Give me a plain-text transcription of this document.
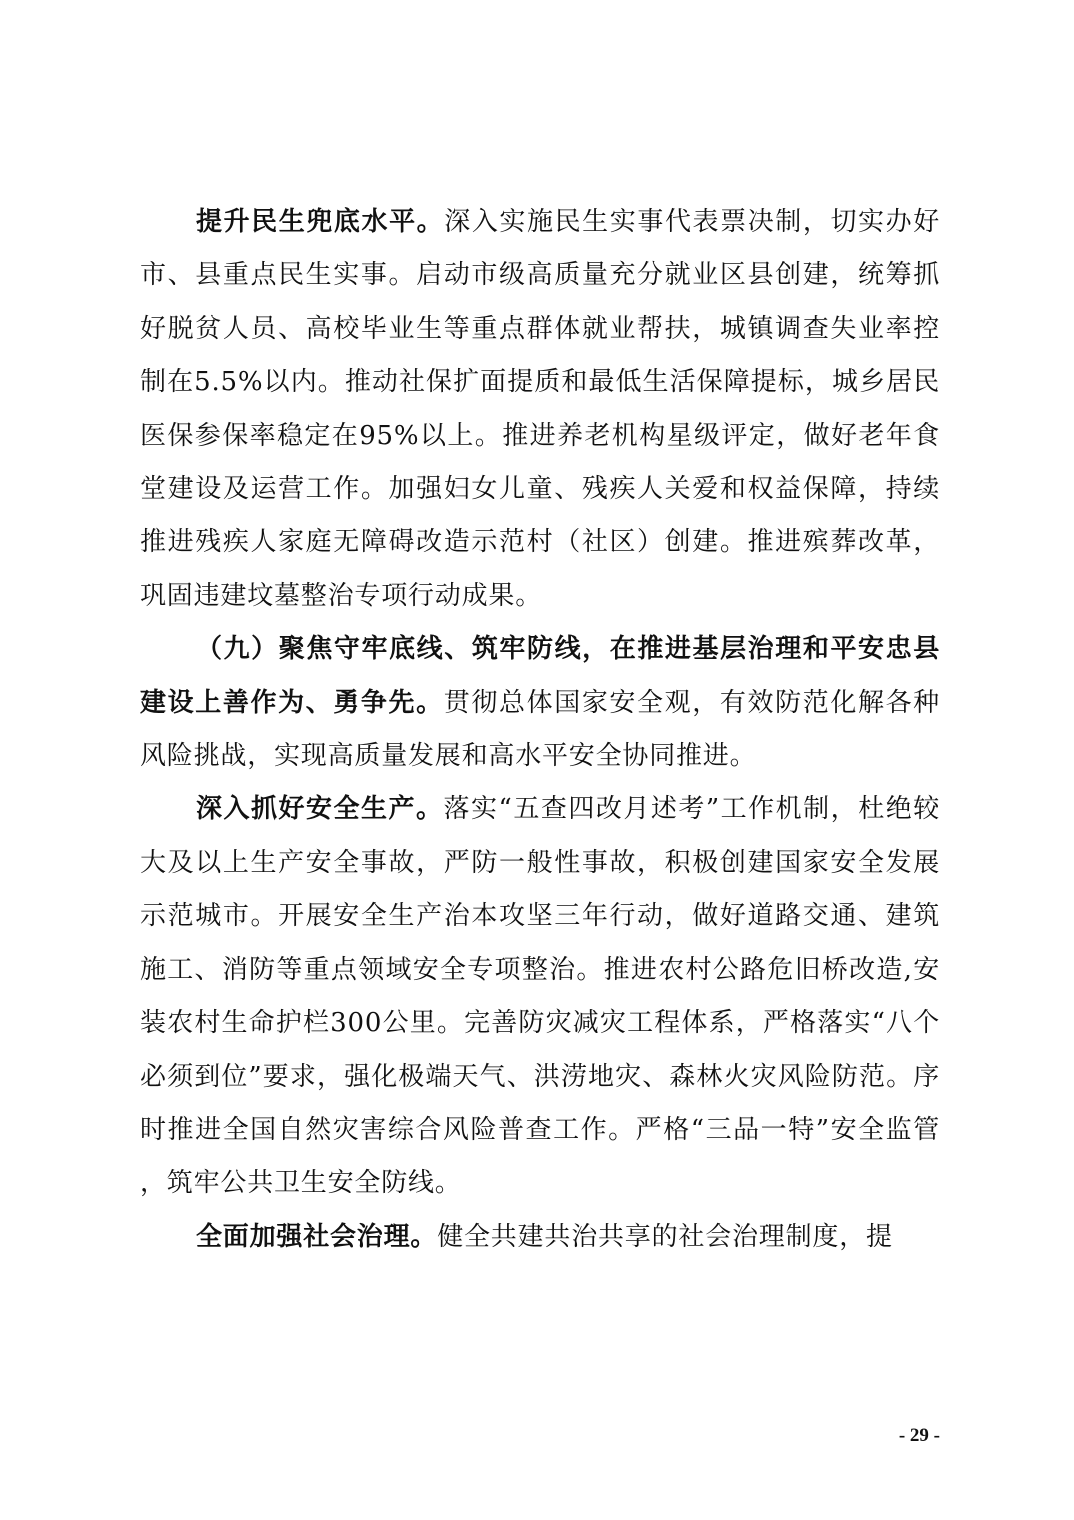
提升民生兜底水平。深入实施民生实事代表票决制，切实办好市、县重点民生实事。启动市级高质量充分就业区县创建，统筹抓好脱贫人员、高校毕业生等重点群体就业帮扶，城镇调查失业率控制在5.5%以内。推动社保扩面提质和最低生活保障提标，城乡居民医保参保率稳定在95%以上。推进养老机构星级评定，做好老年食堂建设及运营工作。加强妇女儿童、残疾人关爱和权益保障，持续推进残疾人家庭无障碍改造示范村（社区）创建。推进殡葬改革，巩固违建坟墓整治专项行动成果。

（九）聚焦守牢底线、筑牢防线，在推进基层治理和平安忠县建设上善作为、勇争先。贯彻总体国家安全观，有效防范化解各种风险挑战，实现高质量发展和高水平安全协同推进。

深入抓好安全生产。落实“五查四改月述考”工作机制，杜绝较大及以上生产安全事故，严防一般性事故，积极创建国家安全发展示范城市。开展安全生产治本攻坚三年行动，做好道路交通、建筑施工、消防等重点领域安全专项整治。推进农村公路危旧桥改造,安装农村生命护栏300公里。完善防灾减灾工程体系，严格落实“八个必须到位”要求，强化极端天气、洪涝地灾、森林火灾风险防范。序时推进全国自然灾害综合风险普查工作。严格“三品一特”安全监管，筑牢公共卫生安全防线。

全面加强社会治理。健全共建共治共享的社会治理制度，提

- 29 -
